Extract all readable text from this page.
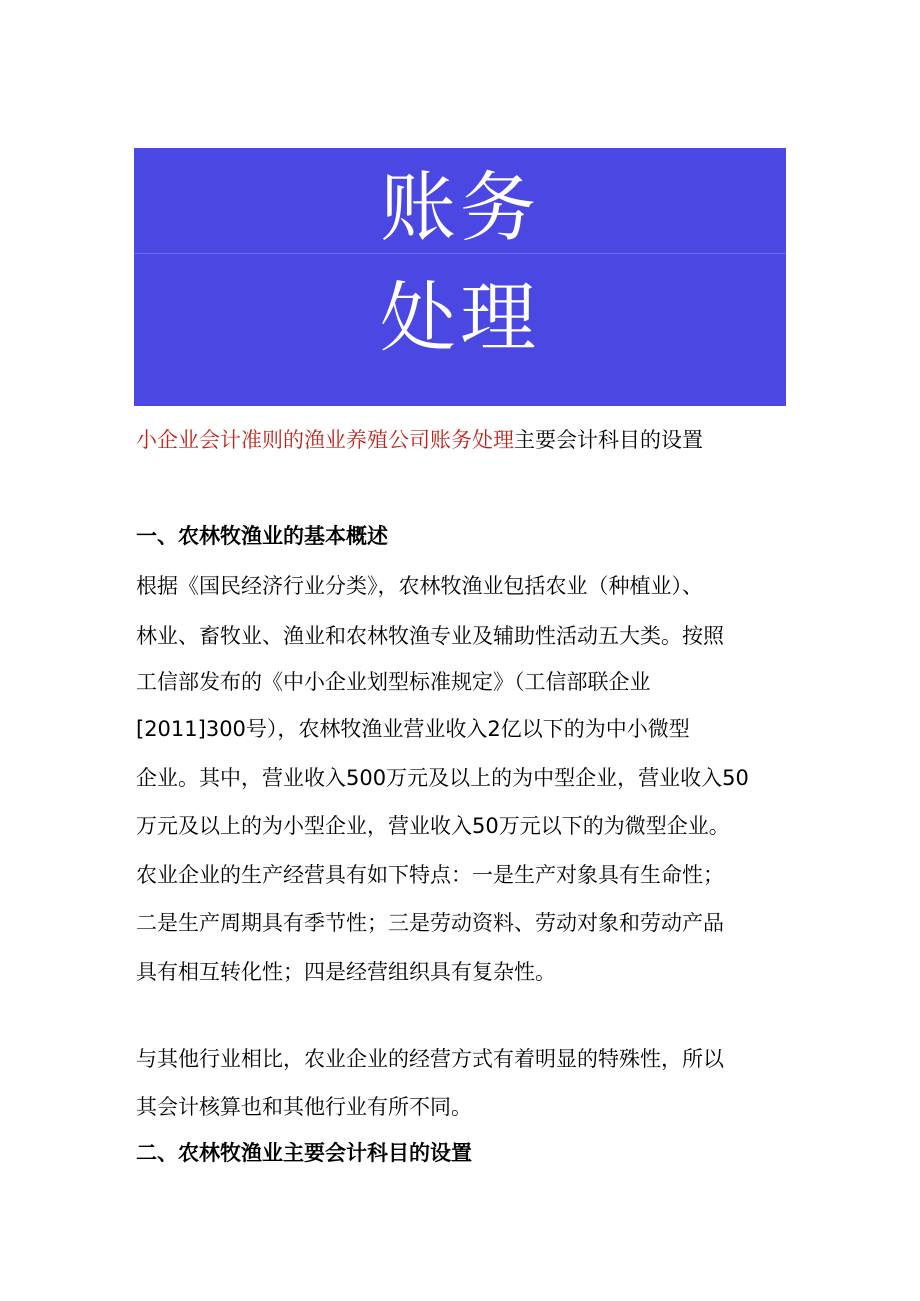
账务
处理
小企业会计准则的渔业养殖公司账务处理主要会计科目的设置
一、农林牧渔业的基本概述
根据《国民经济行业分类》，农林牧渔业包括农业（种植业）、
林业、畜牧业、渔业和农林牧渔专业及辅助性活动五大类。按照
工信部发布的《中小企业划型标准规定》（工信部联企业
[2011]300号），农林牧渔业营业收入2亿以下的为中小微型
企业。其中，营业收入500万元及以上的为中型企业，营业收入50
万元及以上的为小型企业，营业收入50万元以下的为微型企业。
农业企业的生产经营具有如下特点：一是生产对象具有生命性；
二是生产周期具有季节性；三是劳动资料、劳动对象和劳动产品
具有相互转化性；四是经营组织具有复杂性。
与其他行业相比，农业企业的经营方式有着明显的特殊性，所以
其会计核算也和其他行业有所不同。
二、农林牧渔业主要会计科目的设置
